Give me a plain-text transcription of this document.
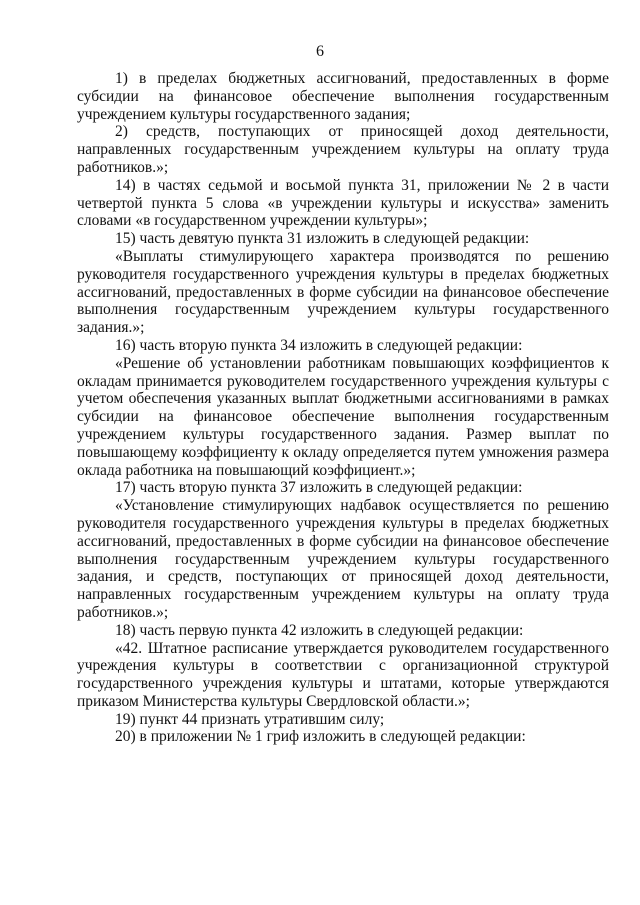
6

1) в пределах бюджетных ассигнований, предоставленных в форме субсидии на финансовое обеспечение выполнения государственным учреждением культуры государственного задания;

2) средств, поступающих от приносящей доход деятельности, направленных государственным учреждением культуры на оплату труда работников.»;

14) в частях седьмой и восьмой пункта 31, приложении № 2 в части четвертой пункта 5 слова «в учреждении культуры и искусства» заменить словами «в государственном учреждении культуры»;

15) часть девятую пункта 31 изложить в следующей редакции:

«Выплаты стимулирующего характера производятся по решению руководителя государственного учреждения культуры в пределах бюджетных ассигнований, предоставленных в форме субсидии на финансовое обеспечение выполнения государственным учреждением культуры государственного задания.»;

16) часть вторую пункта 34 изложить в следующей редакции:

«Решение об установлении работникам повышающих коэффициентов к окладам принимается руководителем государственного учреждения культуры с учетом обеспечения указанных выплат бюджетными ассигнованиями в рамках субсидии на финансовое обеспечение выполнения государственным учреждением культуры государственного задания. Размер выплат по повышающему коэффициенту к окладу определяется путем умножения размера оклада работника на повышающий коэффициент.»;

17) часть вторую пункта 37 изложить в следующей редакции:

«Установление стимулирующих надбавок осуществляется по решению руководителя государственного учреждения культуры в пределах бюджетных ассигнований, предоставленных в форме субсидии на финансовое обеспечение выполнения государственным учреждением культуры государственного задания, и средств, поступающих от приносящей доход деятельности, направленных государственным учреждением культуры на оплату труда работников.»;

18) часть первую пункта 42 изложить в следующей редакции:

«42. Штатное расписание утверждается руководителем государственного учреждения культуры в соответствии с организационной структурой государственного учреждения культуры и штатами, которые утверждаются приказом Министерства культуры Свердловской области.»;

19) пункт 44 признать утратившим силу;

20) в приложении № 1 гриф изложить в следующей редакции:
